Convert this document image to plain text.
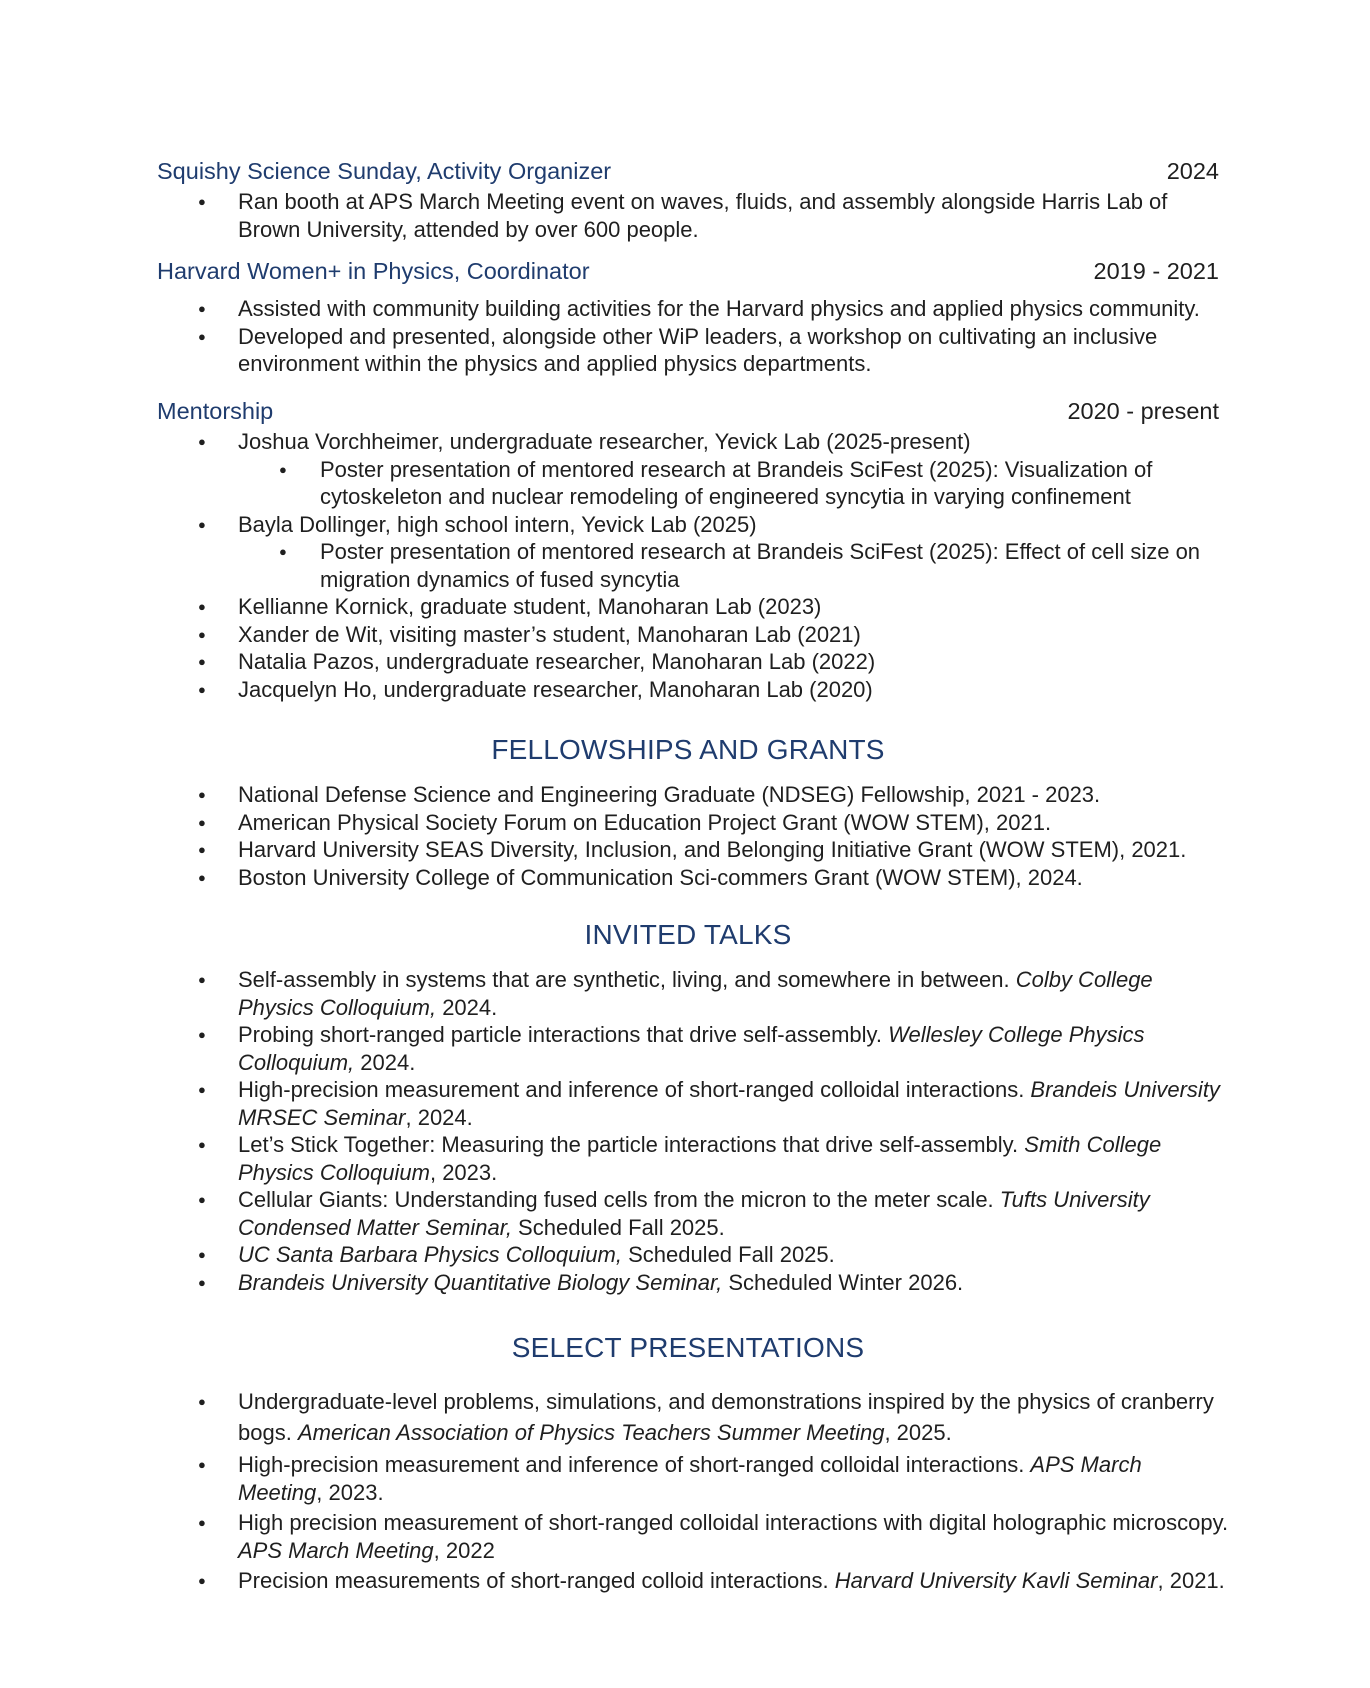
Squishy Science Sunday, Activity Organizer	2024
● Ran booth at APS March Meeting event on waves, fluids, and assembly alongside Harris Lab of Brown University, attended by over 600 people.
Harvard Women+ in Physics, Coordinator	2019 - 2021
● Assisted with community building activities for the Harvard physics and applied physics community.
● Developed and presented, alongside other WiP leaders, a workshop on cultivating an inclusive environment within the physics and applied physics departments.
Mentorship	2020 - present
● Joshua Vorchheimer, undergraduate researcher, Yevick Lab (2025-present)
● Poster presentation of mentored research at Brandeis SciFest (2025): Visualization of cytoskeleton and nuclear remodeling of engineered syncytia in varying confinement
● Bayla Dollinger, high school intern, Yevick Lab (2025)
● Poster presentation of mentored research at Brandeis SciFest (2025): Effect of cell size on migration dynamics of fused syncytia
● Kellianne Kornick, graduate student, Manoharan Lab (2023)
● Xander de Wit, visiting master’s student, Manoharan Lab (2021)
● Natalia Pazos, undergraduate researcher, Manoharan Lab (2022)
● Jacquelyn Ho, undergraduate researcher, Manoharan Lab (2020)
FELLOWSHIPS AND GRANTS
● National Defense Science and Engineering Graduate (NDSEG) Fellowship, 2021 - 2023.
● American Physical Society Forum on Education Project Grant (WOW STEM), 2021.
● Harvard University SEAS Diversity, Inclusion, and Belonging Initiative Grant (WOW STEM), 2021.
● Boston University College of Communication Sci-commers Grant (WOW STEM), 2024.
INVITED TALKS
● Self-assembly in systems that are synthetic, living, and somewhere in between. Colby College Physics Colloquium, 2024.
● Probing short-ranged particle interactions that drive self-assembly. Wellesley College Physics Colloquium, 2024.
● High-precision measurement and inference of short-ranged colloidal interactions. Brandeis University MRSEC Seminar, 2024.
● Let’s Stick Together: Measuring the particle interactions that drive self-assembly. Smith College Physics Colloquium, 2023.
● Cellular Giants: Understanding fused cells from the micron to the meter scale. Tufts University Condensed Matter Seminar, Scheduled Fall 2025.
● UC Santa Barbara Physics Colloquium, Scheduled Fall 2025.
● Brandeis University Quantitative Biology Seminar, Scheduled Winter 2026.
SELECT PRESENTATIONS
● Undergraduate-level problems, simulations, and demonstrations inspired by the physics of cranberry bogs. American Association of Physics Teachers Summer Meeting, 2025.
● High-precision measurement and inference of short-ranged colloidal interactions. APS March Meeting, 2023.
● High precision measurement of short-ranged colloidal interactions with digital holographic microscopy. APS March Meeting, 2022
● Precision measurements of short-ranged colloid interactions. Harvard University Kavli Seminar, 2021.
